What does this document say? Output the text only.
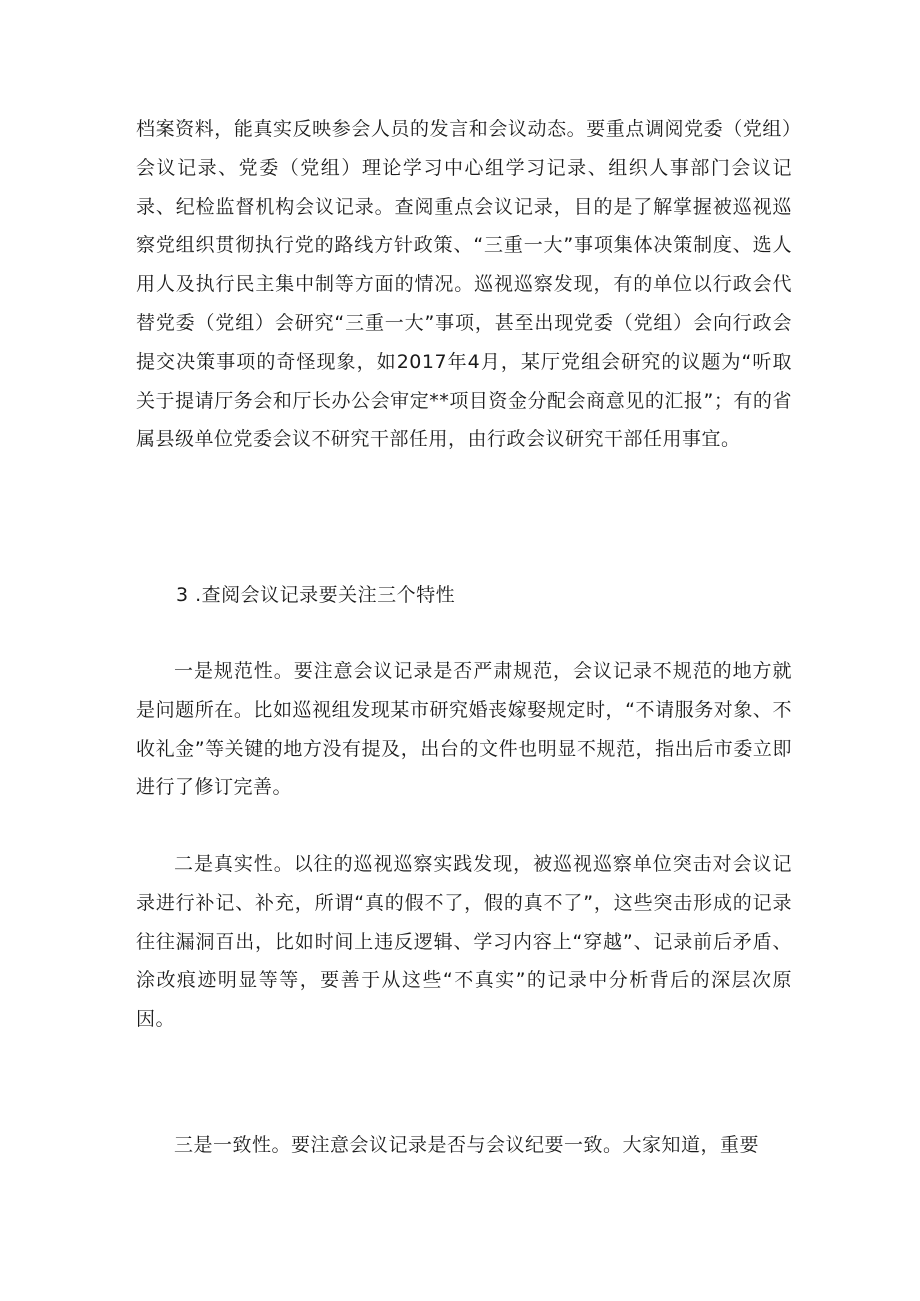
档案资料，能真实反映参会人员的发言和会议动态。要重点调阅党委（党组）会议记录、党委（党组）理论学习中心组学习记录、组织人事部门会议记录、纪检监督机构会议记录。查阅重点会议记录，目的是了解掌握被巡视巡察党组织贯彻执行党的路线方针政策、“三重一大”事项集体决策制度、选人用人及执行民主集中制等方面的情况。巡视巡察发现，有的单位以行政会代替党委（党组）会研究“三重一大”事项，甚至出现党委（党组）会向行政会提交决策事项的奇怪现象，如2017年4月，某厅党组会研究的议题为“听取关于提请厅务会和厅长办公会审定**项目资金分配会商意见的汇报”；有的省属县级单位党委会议不研究干部任用，由行政会议研究干部任用事宜。

3 .查阅会议记录要关注三个特性

一是规范性。要注意会议记录是否严肃规范，会议记录不规范的地方就是问题所在。比如巡视组发现某市研究婚丧嫁娶规定时，“不请服务对象、不收礼金”等关键的地方没有提及，出台的文件也明显不规范，指出后市委立即进行了修订完善。

二是真实性。以往的巡视巡察实践发现，被巡视巡察单位突击对会议记录进行补记、补充，所谓“真的假不了，假的真不了”，这些突击形成的记录往往漏洞百出，比如时间上违反逻辑、学习内容上“穿越”、记录前后矛盾、涂改痕迹明显等等，要善于从这些“不真实”的记录中分析背后的深层次原因。

三是一致性。要注意会议记录是否与会议纪要一致。大家知道，重要
